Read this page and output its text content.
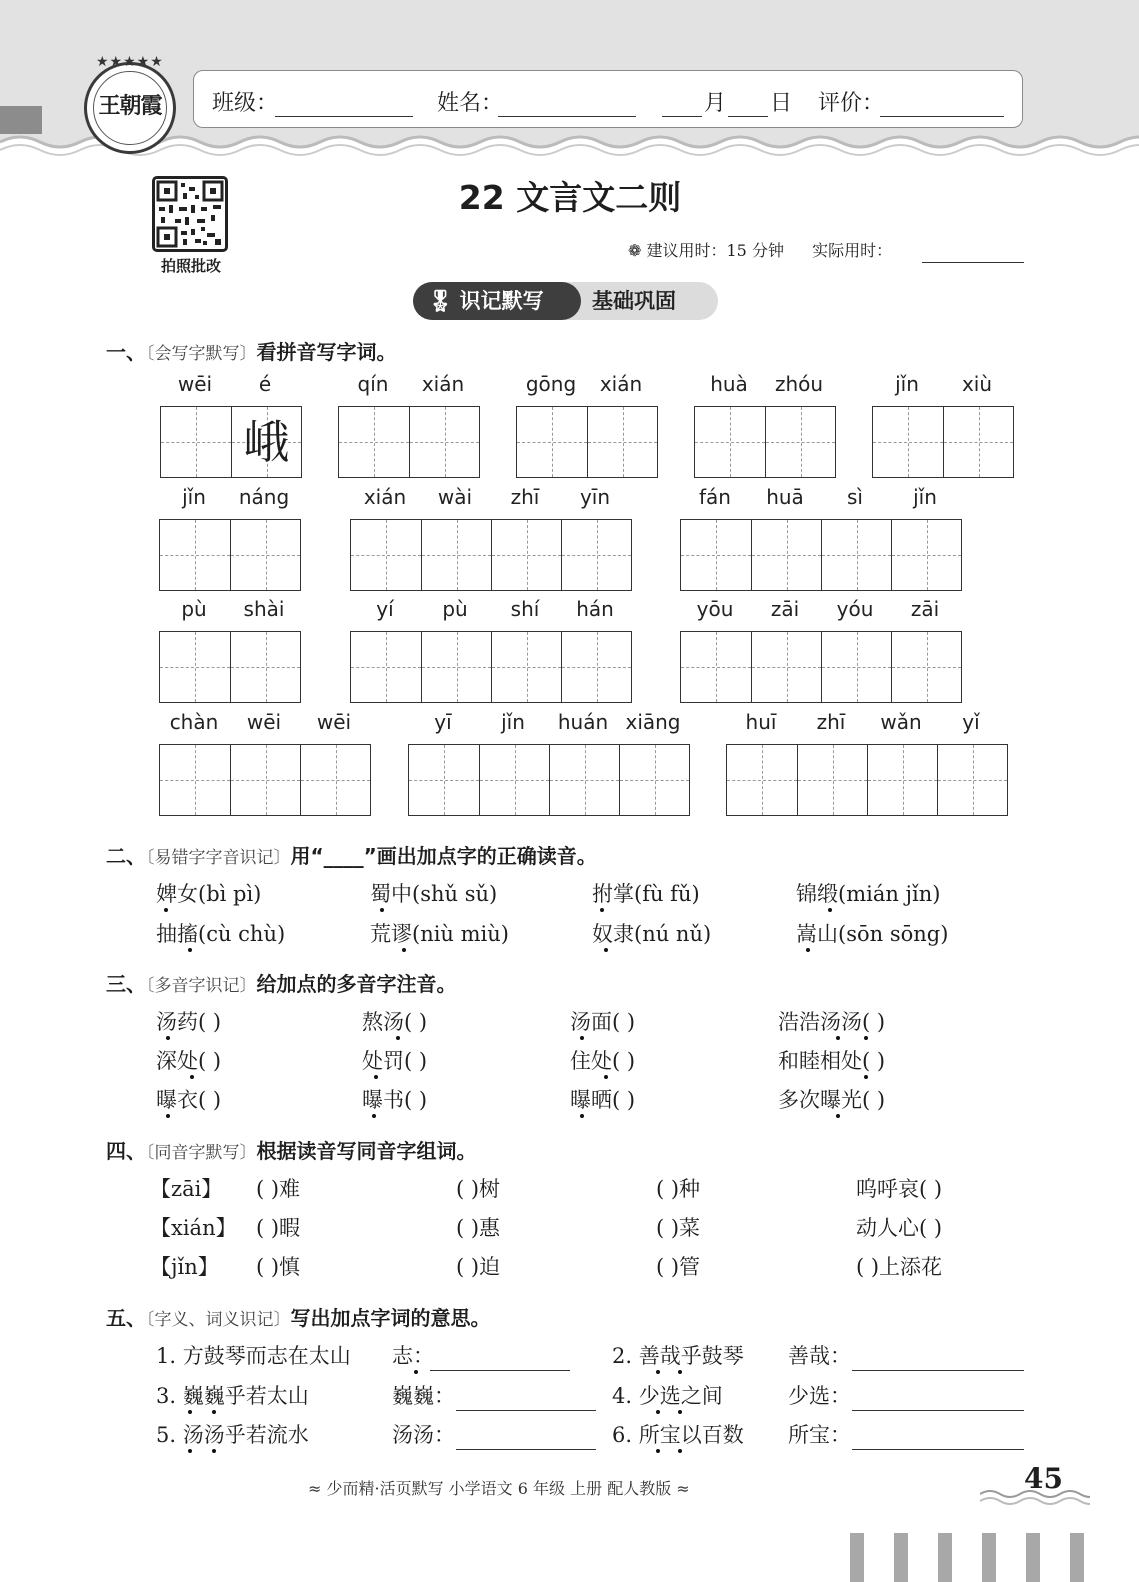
王朝霞
★★★★★
班级：	姓名：	月 日 评价：
拍照批改
22 文言文二则
❁ 建议用时：15 分钟 实际用时：
🎖 识记默写	基础巩固
一、〔会写字默写〕看拼音写字词。
峨
wēi	é	qín	xián	gōng	xián	huà	zhóu	jǐn	xiù
jǐn	náng	xián	wài	zhī	yīn	fán	huā	sì	jǐn
pù	shài	yí	pù	shí	hán	yōu	zāi	yóu	zāi
chàn	wēi	wēi	yī	jǐn	huán xiāng	huī	zhī	wǎn	yǐ
二、〔易错字字音识记〕用“____”画出加点字的正确读音。
婢女(bì pì)	蜀中(shǔ sǔ)	拊掌(fù fǔ)	锦缎(mián jǐn)
抽搐(cù chù)	荒谬(niù miù)	奴隶(nú nǔ)	嵩山(sōn sōng)
三、〔多音字识记〕给加点的多音字注音。
汤药( )	熬汤( )	汤面( )	浩浩汤汤( )
深处( )	处罚( )	住处( )	和睦相处( )
曝衣( )	曝书( )	曝晒( )	多次曝光( )
四、〔同音字默写〕根据读音写同音字组词。
【zāi】 ( )难	( )树	( )种	呜呼哀( )
【xián】 ( )暇	( )惠	( )菜	动人心( )
【jǐn】 ( )慎	( )迫	( )管	( )上添花
五、〔字义、词义识记〕写出加点字词的意思。
1. 方鼓琴而志在太山 志：	2. 善哉乎鼓琴 善哉：
3. 巍巍乎若太山	巍巍：	4. 少选之间	少选：
5. 汤汤乎若流水	汤汤：	6. 所宝以百数 所宝：
≈ 少而精·活页默写 小学语文 6 年级 上册 配人教版 ≈	45
